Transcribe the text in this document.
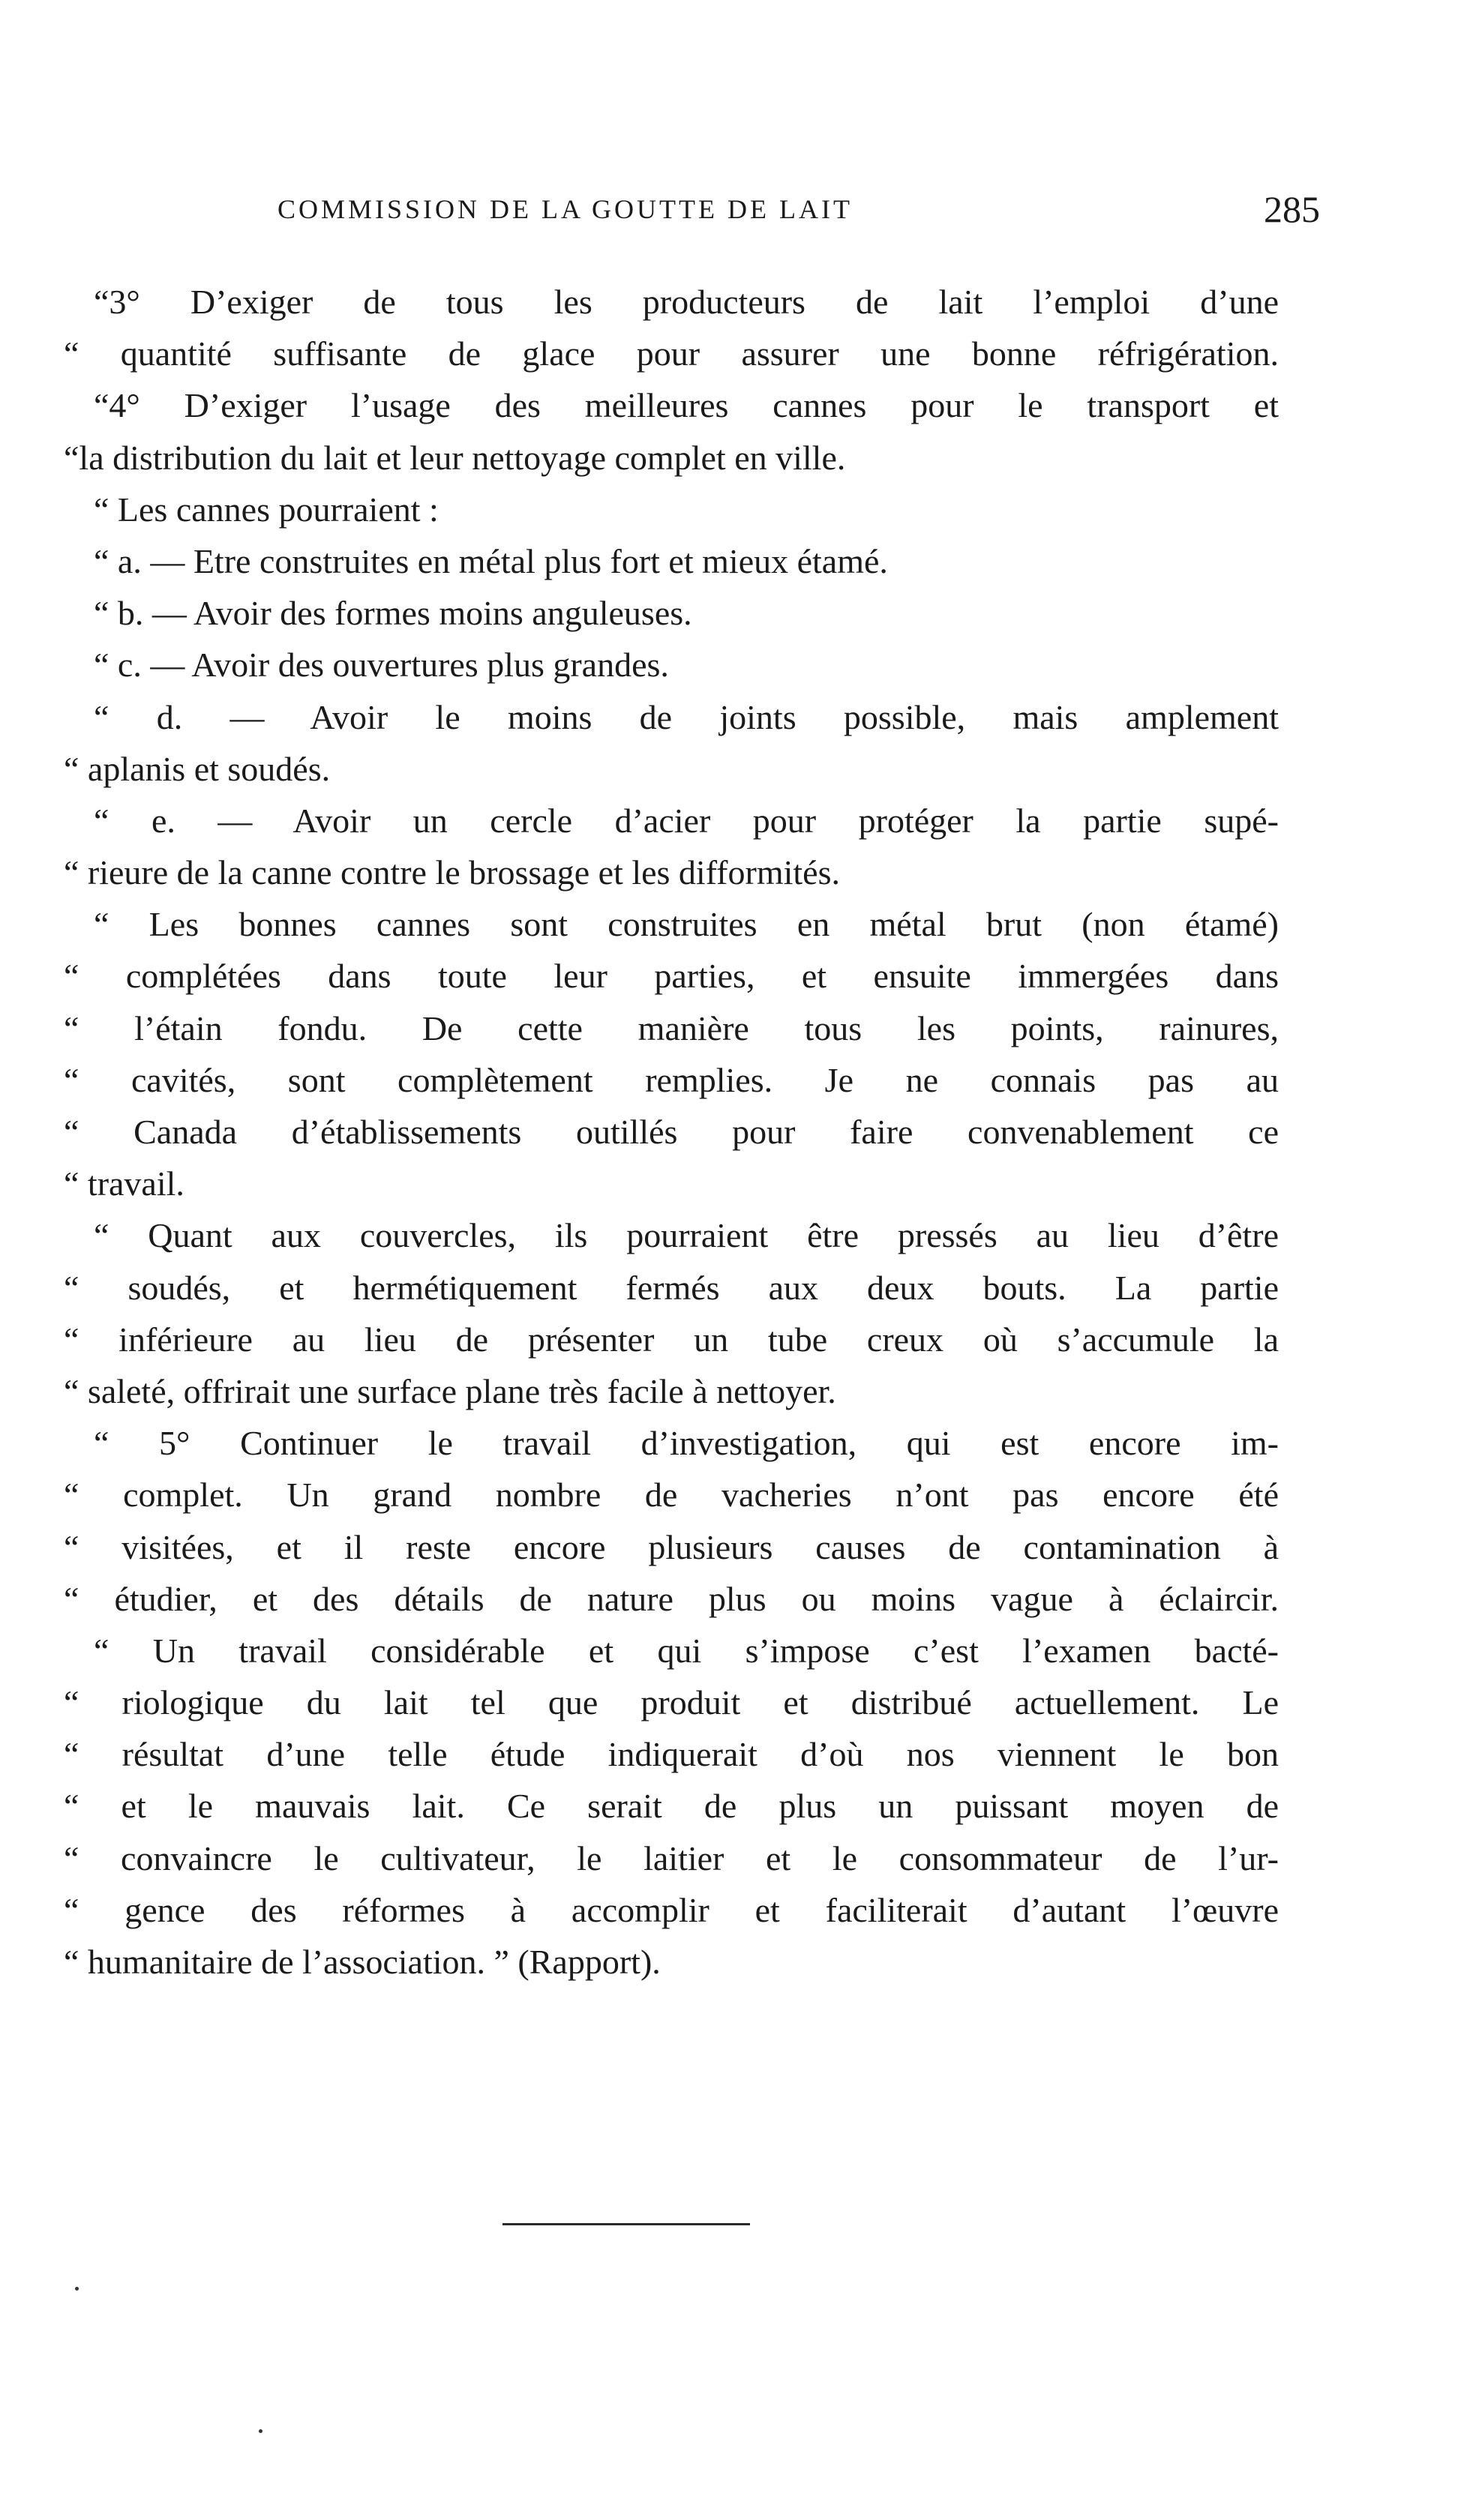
COMMISSION DE LA GOUTTE DE LAIT	285
“3° D’exiger de tous les producteurs de lait l’emploi d’une
“ quantité suffisante de glace pour assurer une bonne réfrigération.
“4° D’exiger l’usage des meilleures cannes pour le transport et
“la distribution du lait et leur nettoyage complet en ville.
“ Les cannes pourraient :
“ a. — Etre construites en métal plus fort et mieux étamé.
“ b. — Avoir des formes moins anguleuses.
“ c. — Avoir des ouvertures plus grandes.
“ d. — Avoir le moins de joints possible, mais amplement
“ aplanis et soudés.
“ e. — Avoir un cercle d’acier pour protéger la partie supé-
“ rieure de la canne contre le brossage et les difformités.
“ Les bonnes cannes sont construites en métal brut (non étamé)
“ complétées dans toute leur parties, et ensuite immergées dans
“ l’étain fondu. De cette manière tous les points, rainures,
“ cavités, sont complètement remplies. Je ne connais pas au
“ Canada d’établissements outillés pour faire convenablement ce
“ travail.
“ Quant aux couvercles, ils pourraient être pressés au lieu d’être
“ soudés, et hermétiquement fermés aux deux bouts. La partie
“ inférieure au lieu de présenter un tube creux où s’accumule la
“ saleté, offrirait une surface plane très facile à nettoyer.
“ 5° Continuer le travail d’investigation, qui est encore im-
“ complet. Un grand nombre de vacheries n’ont pas encore été
“ visitées, et il reste encore plusieurs causes de contamination à
“ étudier, et des détails de nature plus ou moins vague à éclaircir.
“ Un travail considérable et qui s’impose c’est l’examen bacté-
“ riologique du lait tel que produit et distribué actuellement. Le
“ résultat d’une telle étude indiquerait d’où nos viennent le bon
“ et le mauvais lait. Ce serait de plus un puissant moyen de
“ convaincre le cultivateur, le laitier et le consommateur de l’ur-
“ gence des réformes à accomplir et faciliterait d’autant l’œuvre
“ humanitaire de l’association. ” (Rapport).
